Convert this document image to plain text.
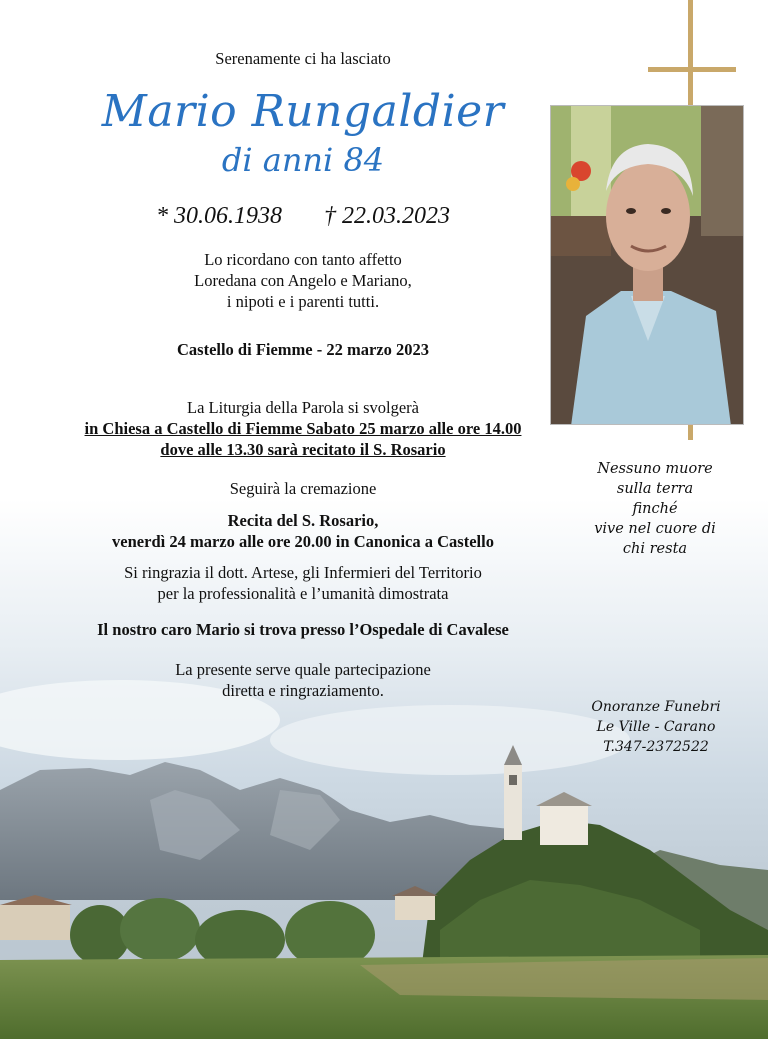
Serenamente ci ha lasciato
Mario Rungaldier
di anni 84
* 30.06.1938 † 22.03.2023
Lo ricordano con tanto affetto
Loredana con Angelo e Mariano,
i nipoti e i parenti tutti.
Castello di Fiemme - 22 marzo 2023
La Liturgia della Parola si svolgerà
in Chiesa a Castello di Fiemme Sabato 25 marzo alle ore 14.00
dove alle 13.30 sarà recitato il S. Rosario
Seguirà la cremazione
Recita del S. Rosario,
venerdì 24 marzo alle ore 20.00 in Canonica a Castello
Si ringrazia il dott. Artese, gli Infermieri del Territorio
per la professionalità e l’umanità dimostrata
Il nostro caro Mario si trova presso l’Ospedale di Cavalese
La presente serve quale partecipazione
diretta e ringraziamento.
Nessuno muore
sulla terra
finché
vive nel cuore di
chi resta
Onoranze Funebri
Le Ville - Carano
T.347-2372522
